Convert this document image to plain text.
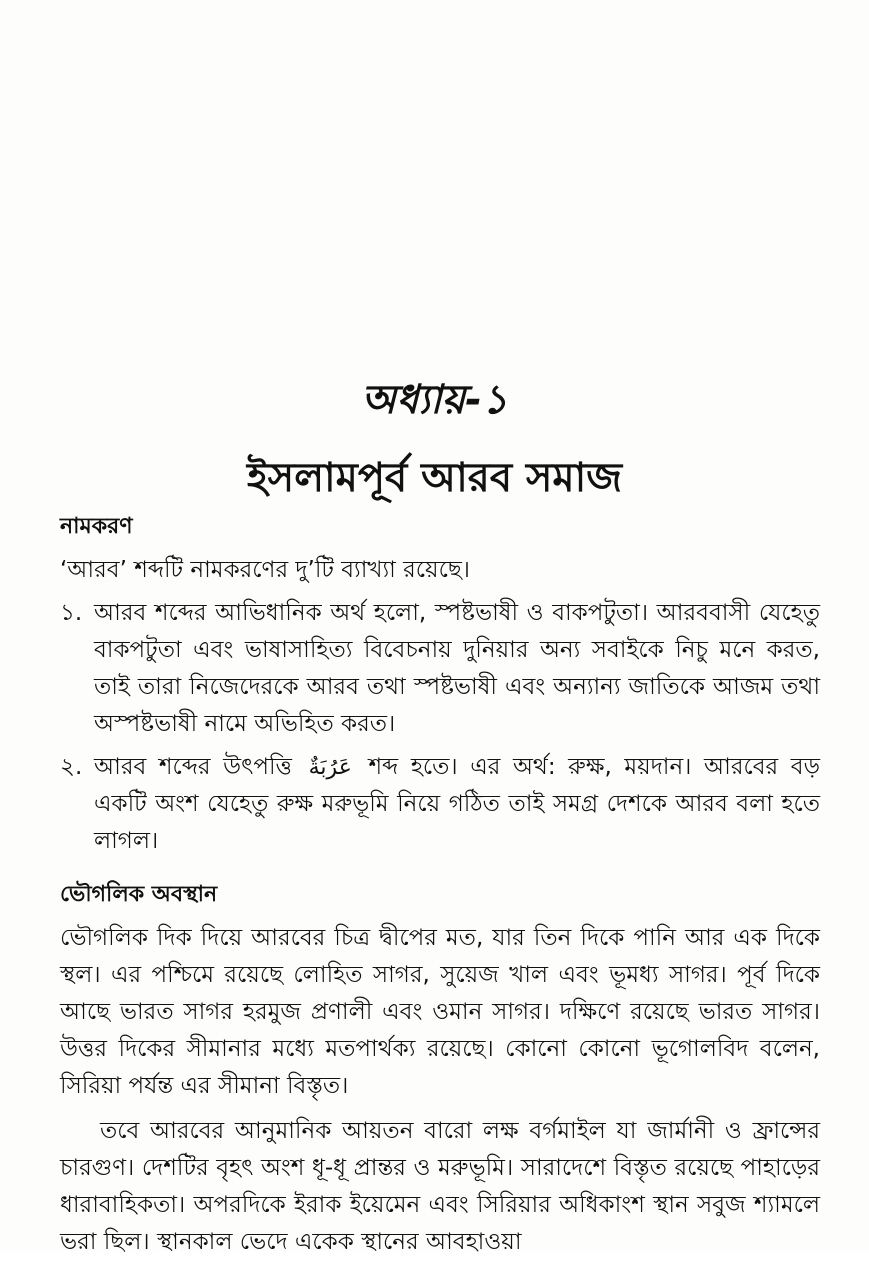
অধ্যায়-১
ইসলামপূর্ব আরব সমাজ
নামকরণ

‘আরব’ শব্দটি নামকরণের দু’টি ব্যাখ্যা রয়েছে।

১. আরব শব্দের আভিধানিক অর্থ হলো, স্পষ্টভাষী ও বাকপটুতা। আরববাসী যেহেতু বাকপটুতা এবং ভাষাসাহিত্য বিবেচনায় দুনিয়ার অন্য সবাইকে নিচু মনে করত, তাই তারা নিজেদেরকে আরব তথা স্পষ্টভাষী এবং অন্যান্য জাতিকে আজম তথা অস্পষ্টভাষী নামে অভিহিত করত।
২. আরব শব্দের উৎপত্তি عَرُبَةٌ শব্দ হতে। এর অর্থ: রুক্ষ, ময়দান। আরবের বড় একটি অংশ যেহেতু রুক্ষ মরুভূমি নিয়ে গঠিত তাই সমগ্র দেশকে আরব বলা হতে লাগল।
ভৌগলিক অবস্থান

ভৌগলিক দিক দিয়ে আরবের চিত্র দ্বীপের মত, যার তিন দিকে পানি আর এক দিকে স্থল। এর পশ্চিমে রয়েছে লোহিত সাগর, সুয়েজ খাল এবং ভূমধ্য সাগর। পূর্ব দিকে আছে ভারত সাগর হরমুজ প্রণালী এবং ওমান সাগর। দক্ষিণে রয়েছে ভারত সাগর। উত্তর দিকের সীমানার মধ্যে মতপার্থক্য রয়েছে। কোনো কোনো ভূগোলবিদ বলেন, সিরিয়া পর্যন্ত এর সীমানা বিস্তৃত।

তবে আরবের আনুমানিক আয়তন বারো লক্ষ বর্গমাইল যা জার্মানী ও ফ্রান্সের চারগুণ। দেশটির বৃহৎ অংশ ধূ-ধূ প্রান্তর ও মরুভূমি। সারাদেশে বিস্তৃত রয়েছে পাহাড়ের ধারাবাহিকতা। অপরদিকে ইরাক ইয়েমেন এবং সিরিয়ার অধিকাংশ স্থান সবুজ শ্যামলে ভরা ছিল। স্থানকাল ভেদে একেক স্থানের আবহাওয়া
